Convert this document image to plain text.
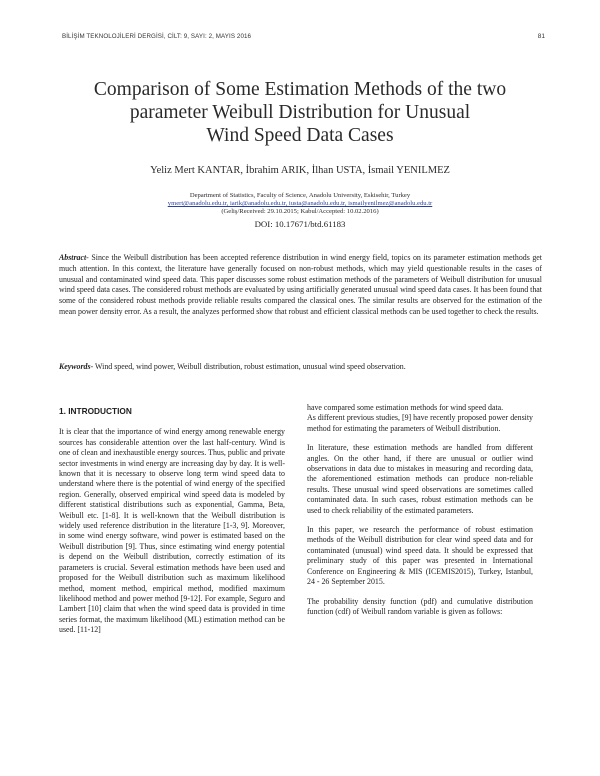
BİLİŞİM TEKNOLOJİLERİ DERGİSİ, CİLT: 9, SAYI: 2, MAYIS 2016	81
Comparison of Some Estimation Methods of the two
parameter Weibull Distribution for Unusual
Wind Speed Data Cases
Yeliz Mert KANTAR, İbrahim ARIK, İlhan USTA, İsmail YENILMEZ
Department of Statistics, Faculty of Science, Anadolu University, Eskisehir, Turkey
ymert@anadolu.edu.tr, iarik@anadolu.edu.tr, iusta@anadolu.edu.tr, ismailyenilmez@anadolu.edu.tr
(Geliş/Received: 29.10.2015; Kabul/Accepted: 10.02.2016)
DOI: 10.17671/btd.61183
Abstract- Since the Weibull distribution has been accepted reference distribution in wind energy field, topics on its parameter estimation methods get much attention. In this context, the literature have generally focused on non-robust methods, which may yield questionable results in the cases of unusual and contaminated wind speed data. This paper discusses some robust estimation methods of the parameters of Weibull distribution for unusual wind speed data cases. The considered robust methods are evaluated by using artificially generated unusual wind speed data cases. It has been found that some of the considered robust methods provide reliable results compared the classical ones. The similar results are observed for the estimation of the mean power density error. As a result, the analyzes performed show that robust and efficient classical methods can be used together to check the results.
Keywords- Wind speed, wind power, Weibull distribution, robust estimation, unusual wind speed observation.
1. INTRODUCTION
It is clear that the importance of wind energy among renewable energy sources has considerable attention over the last half-century. Wind is one of clean and inexhaustible energy sources. Thus, public and private sector investments in wind energy are increasing day by day. It is well-known that it is necessary to observe long term wind speed data to understand where there is the potential of wind energy of the specified region. Generally, observed empirical wind speed data is modeled by different statistical distributions such as exponential, Gamma, Beta, Weibull etc. [1-8]. It is well-known that the Weibull distribution is widely used reference distribution in the literature [1-3, 9]. Moreover, in some wind energy software, wind power is estimated based on the Weibull distribution [9]. Thus, since estimating wind energy potential is depend on the Weibull distribution, correctly estimation of its parameters is crucial. Several estimation methods have been used and proposed for the Weibull distribution such as maximum likelihood method, moment method, empirical method, modified maximum likelihood method and power method [9-12]. For example, Seguro and Lambert [10] claim that when the wind speed data is provided in time series format, the maximum likelihood (ML) estimation method can be used. [11-12]
have compared some estimation methods for wind speed data.
As different previous studies, [9] have recently proposed power density method for estimating the parameters of Weibull distribution.
In literature, these estimation methods are handled from different angles. On the other hand, if there are unusual or outlier wind observations in data due to mistakes in measuring and recording data, the aforementioned estimation methods can produce non-reliable results. These unusual wind speed observations are sometimes called contaminated data. In such cases, robust estimation methods can be used to check reliability of the estimated parameters.
In this paper, we research the performance of robust estimation methods of the Weibull distribution for clear wind speed data and for contaminated (unusual) wind speed data. It should be expressed that preliminary study of this paper was presented in International Conference on Engineering & MIS (ICEMIS2015), Turkey, Istanbul, 24 - 26 September 2015.
The probability density function (pdf) and cumulative distribution function (cdf) of Weibull random variable is given as follows:
